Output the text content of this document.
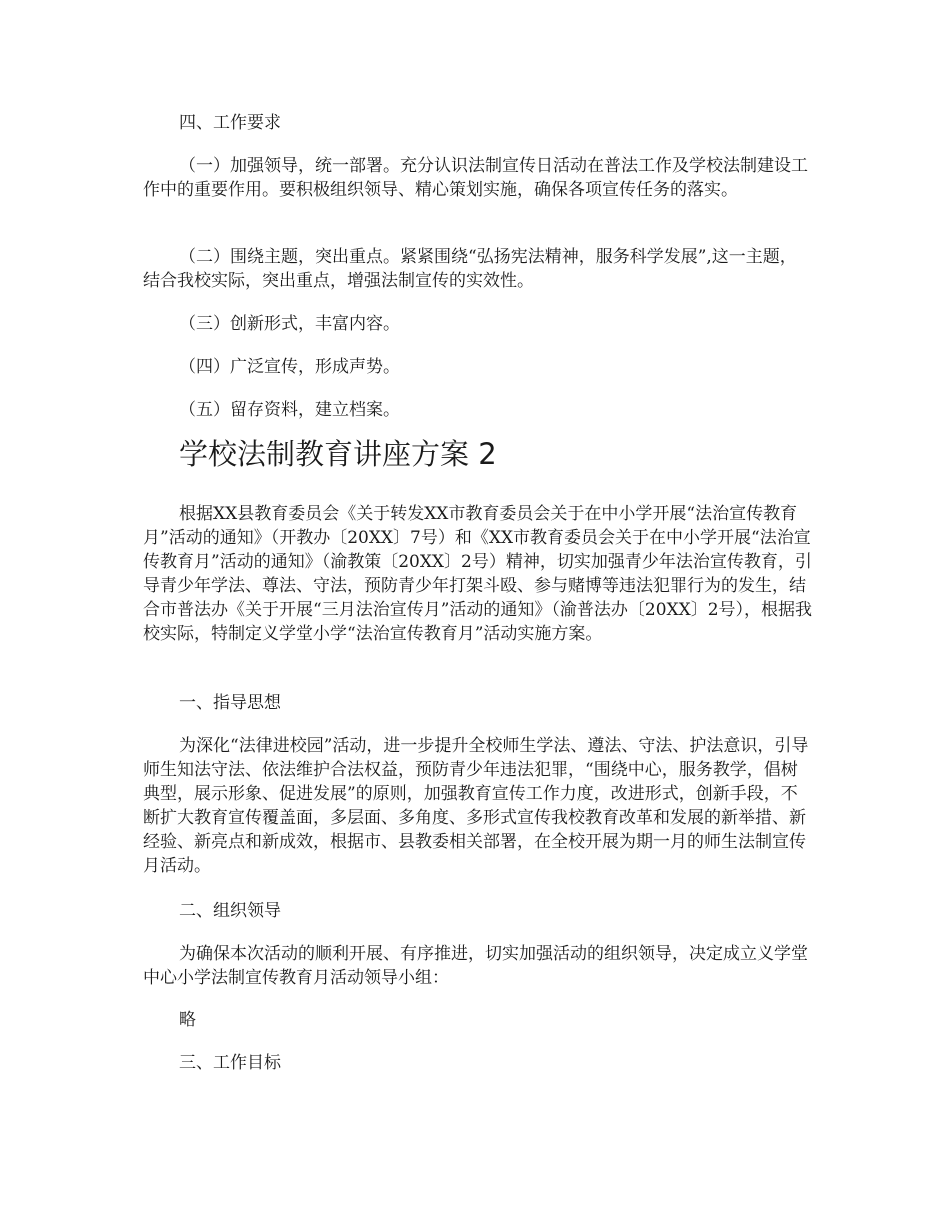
四、工作要求

（一）加强领导，统一部署。充分认识法制宣传日活动在普法工作及学校法制建设工作中的重要作用。要积极组织领导、精心策划实施，确保各项宣传任务的落实。

（二）围绕主题，突出重点。紧紧围绕“弘扬宪法精神，服务科学发展”,这一主题，结合我校实际，突出重点，增强法制宣传的实效性。

（三）创新形式，丰富内容。

（四）广泛宣传，形成声势。

（五）留存资料，建立档案。

学校法制教育讲座方案 2

根据XX县教育委员会《关于转发XX市教育委员会关于在中小学开展“法治宣传教育月”活动的通知》（开教办〔20XX〕7号）和《XX市教育委员会关于在中小学开展“法治宣传教育月”活动的通知》（渝教策〔20XX〕2号）精神，切实加强青少年法治宣传教育，引导青少年学法、尊法、守法，预防青少年打架斗殴、参与赌博等违法犯罪行为的发生，结合市普法办《关于开展“三月法治宣传月”活动的通知》（渝普法办〔20XX〕2号），根据我校实际，特制定义学堂小学“法治宣传教育月”活动实施方案。

一、指导思想

为深化“法律进校园”活动，进一步提升全校师生学法、遵法、守法、护法意识，引导师生知法守法、依法维护合法权益，预防青少年违法犯罪，“围绕中心，服务教学，倡树典型，展示形象、促进发展”的原则，加强教育宣传工作力度，改进形式，创新手段，不断扩大教育宣传覆盖面，多层面、多角度、多形式宣传我校教育改革和发展的新举措、新经验、新亮点和新成效，根据市、县教委相关部署，在全校开展为期一月的师生法制宣传月活动。

二、组织领导

为确保本次活动的顺利开展、有序推进，切实加强活动的组织领导，决定成立义学堂中心小学法制宣传教育月活动领导小组：

略

三、工作目标
